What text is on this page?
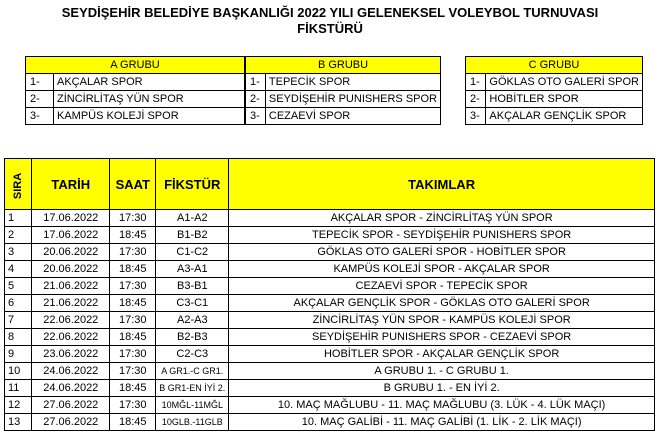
SEYDİŞEHİR BELEDİYE BAŞKANLIĞI 2022 YILI GELENEKSEL VOLEYBOL TURNUVASI
FİKSTÜRÜ
A GRUBU	
1-	AKÇALAR SPOR
2-	ZİNCİRLİTAŞ YÜN SPOR
3-	KAMPÜS KOLEJİ SPOR
B GRUBU	
1-	TEPECİK SPOR
2-	SEYDİŞEHİR PUNISHERS SPOR
3-	CEZAEVİ SPOR
C GRUBU	
1-	GÖKLAS OTO GALERİ SPOR
2-	HOBİTLER SPOR
3-	AKÇALAR GENÇLİK SPOR
SIRA	TARİH	SAAT	FİKSTÜR	TAKIMLAR
1	17.06.2022	17:30	A1-A2	AKÇALAR SPOR - ZİNCİRLİTAŞ YÜN SPOR
2	17.06.2022	18:45	B1-B2	TEPECİK SPOR - SEYDİŞEHİR PUNISHERS SPOR
3	20.06.2022	17:30	C1-C2	GÖKLAS OTO GALERİ SPOR - HOBİTLER SPOR
4	20.06.2022	18:45	A3-A1	KAMPÜS KOLEJİ SPOR - AKÇALAR SPOR
5	21.06.2022	17:30	B3-B1	CEZAEVİ SPOR - TEPECİK SPOR
6	21.06.2022	18:45	C3-C1	AKÇALAR GENÇLİK SPOR - GÖKLAS OTO GALERİ SPOR
7	22.06.2022	17:30	A2-A3	ZİNCİRLİTAŞ YÜN SPOR - KAMPÜS KOLEJİ SPOR
8	22.06.2022	18:45	B2-B3	SEYDİŞEHİR PUNISHERS SPOR - CEZAEVİ SPOR
9	23.06.2022	17:30	C2-C3	HOBİTLER SPOR - AKÇALAR GENÇLİK SPOR
10	24.06.2022	17:30	A GR1.-C GR1.	A GRUBU 1. - C GRUBU 1.
11	24.06.2022	18:45	B GR1-EN İYİ 2.	B GRUBU 1. - EN İYİ 2.
12	27.06.2022	17:30	10MĞL-11MĞL	10. MAÇ MAĞLUBU - 11. MAÇ MAĞLUBU (3. LÜK - 4. LÜK MAÇI)
13	27.06.2022	18:45	10GLB.-11GLB	10. MAÇ GALİBİ - 11. MAÇ GALİBİ (1. LİK - 2. LİK MAÇI)
